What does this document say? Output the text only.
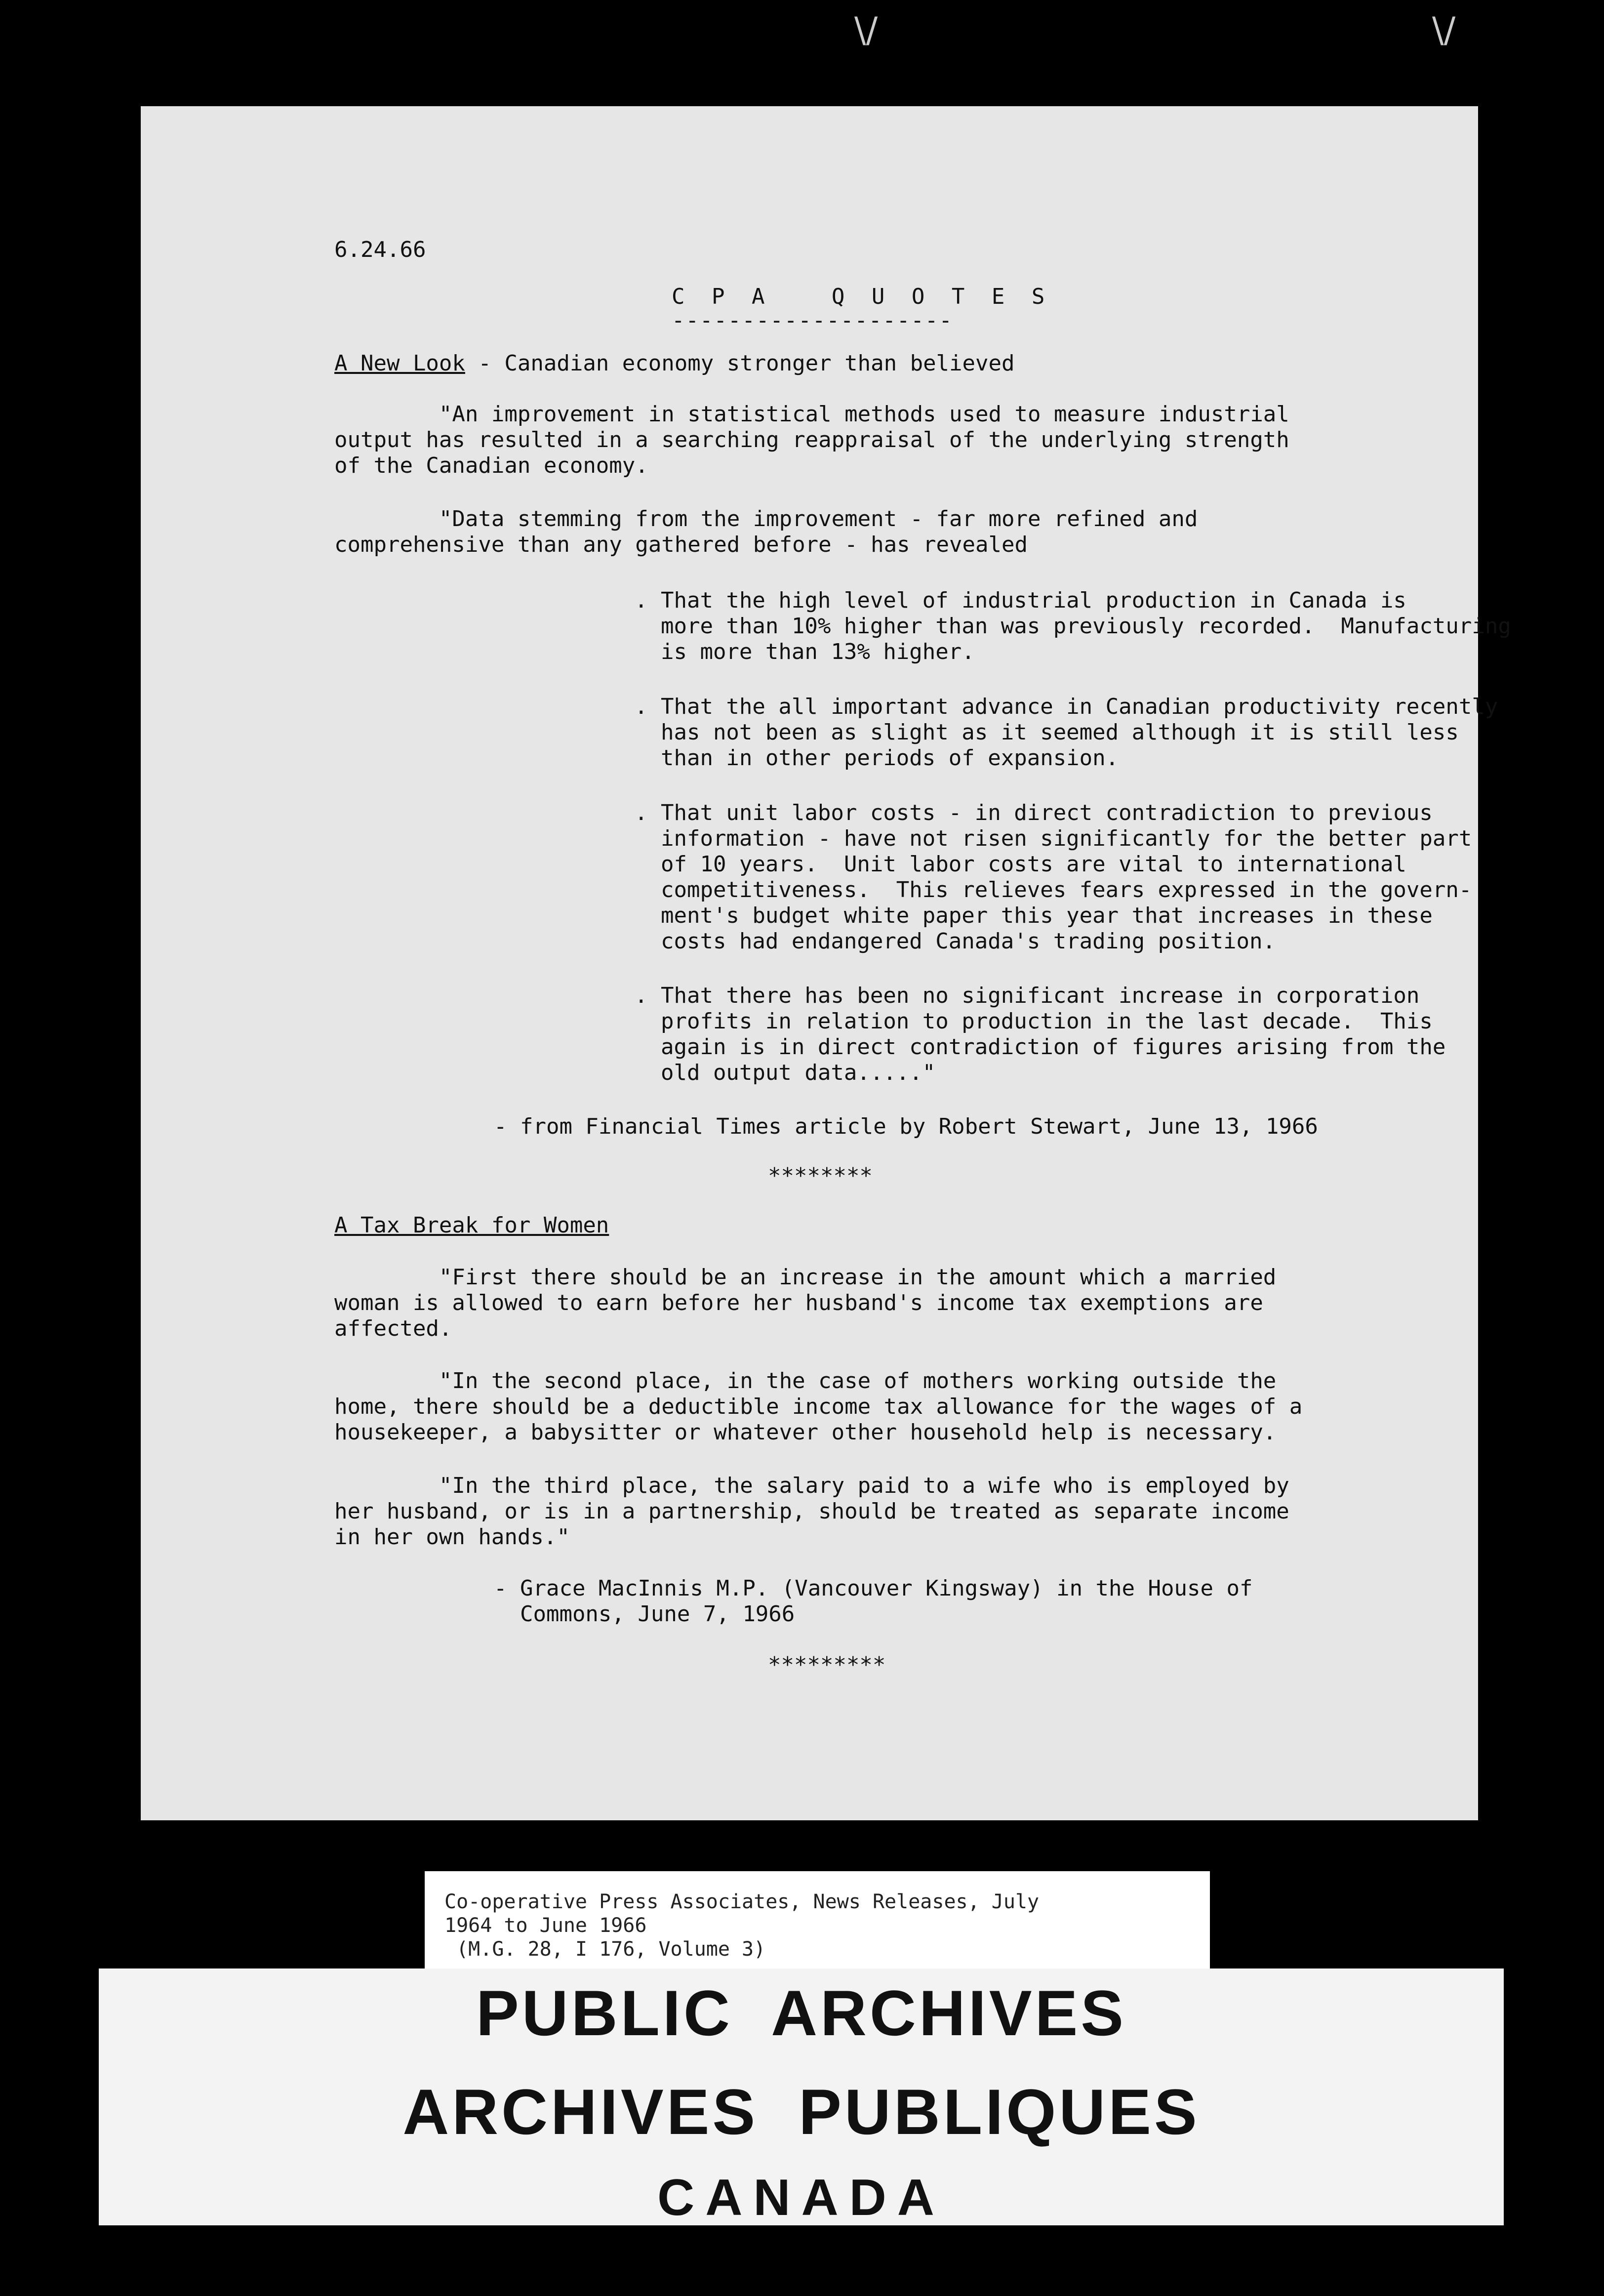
\/	\/
6.24.66
C P A   Q U O T E S
--------------------
A New Look - Canadian economy stronger than believed
"An improvement in statistical methods used to measure industrial
output has resulted in a searching reappraisal of the underlying strength
of the Canadian economy.
"Data stemming from the improvement - far more refined and
comprehensive than any gathered before - has revealed
. That the high level of industrial production in Canada is
more than 10% higher than was previously recorded.  Manufacturing
is more than 13% higher.
. That the all important advance in Canadian productivity recently
has not been as slight as it seemed although it is still less
than in other periods of expansion.
. That unit labor costs - in direct contradiction to previous
information - have not risen significantly for the better part
of 10 years.  Unit labor costs are vital to international
competitiveness.  This relieves fears expressed in the govern-
ment's budget white paper this year that increases in these
costs had endangered Canada's trading position.
. That there has been no significant increase in corporation
profits in relation to production in the last decade.  This
again is in direct contradiction of figures arising from the
old output data....."
- from Financial Times article by Robert Stewart, June 13, 1966
********
A Tax Break for Women
"First there should be an increase in the amount which a married
woman is allowed to earn before her husband's income tax exemptions are
affected.
"In the second place, in the case of mothers working outside the
home, there should be a deductible income tax allowance for the wages of a
housekeeper, a babysitter or whatever other household help is necessary.
"In the third place, the salary paid to a wife who is employed by
her husband, or is in a partnership, should be treated as separate income
in her own hands."
- Grace MacInnis M.P. (Vancouver Kingsway) in the House of
Commons, June 7, 1966
*********
Co-operative Press Associates, News Releases, July
1964 to June 1966
(M.G. 28, I 176, Volume 3)
PUBLIC ARCHIVES
ARCHIVES PUBLIQUES
CANADA
